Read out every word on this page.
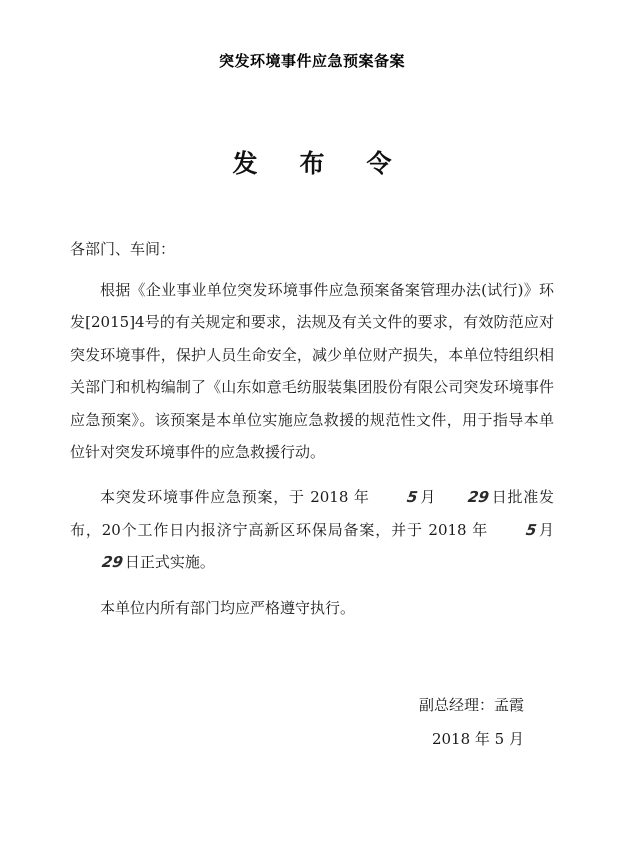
突发环境事件应急预案备案
发布令
各部门、车间：

根据《企业事业单位突发环境事件应急预案备案管理办法(试行)》环发[2015]4号的有关规定和要求，法规及有关文件的要求，有效防范应对突发环境事件，保护人员生命安全，减少单位财产损失，本单位特组织相关部门和机构编制了《山东如意毛纺服装集团股份有限公司突发环境事件应急预案》。该预案是本单位实施应急救援的规范性文件，用于指导本单位针对突发环境事件的应急救援行动。

本突发环境事件应急预案，于 2018 年 5月 29日批准发布，20个工作日内报济宁高新区环保局备案，并于 2018 年 5月29日正式实施。

本单位内所有部门均应严格遵守执行。

副总经理：孟霞
2018 年 5 月
